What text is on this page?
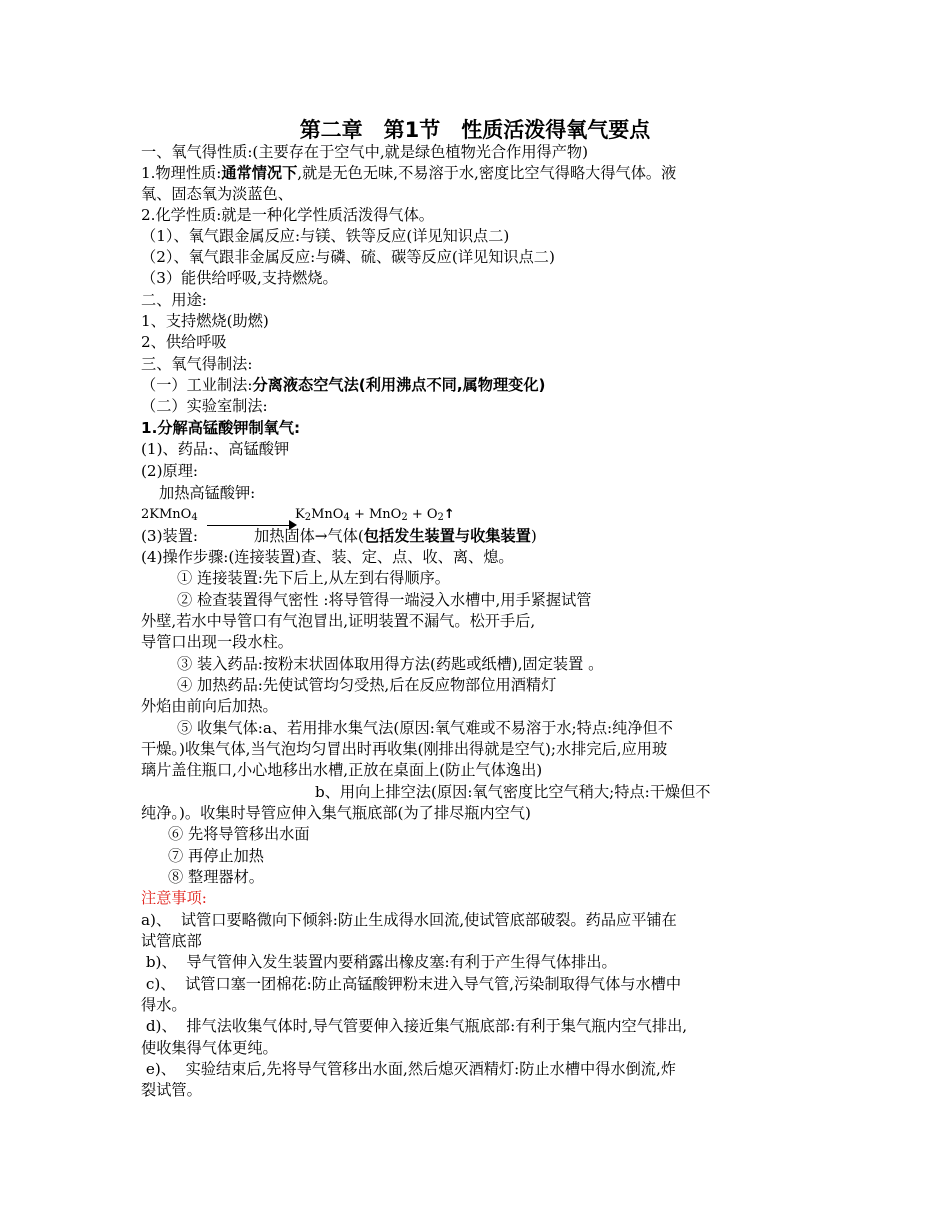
第二章　第1节　性质活泼得氧气要点
一、氧气得性质:(主要存在于空气中,就是绿色植物光合作用得产物)
1.物理性质:通常情况下,就是无色无味,不易溶于水,密度比空气得略大得气体。液
氧、固态氧为淡蓝色、
2.化学性质:就是一种化学性质活泼得气体。
（1）、氧气跟金属反应:与镁、铁等反应(详见知识点二)
（2）、氧气跟非金属反应:与磷、硫、碳等反应(详见知识点二)
（3）能供给呼吸,支持燃烧。
二、用途:
1、支持燃烧(助燃)
2、供给呼吸
三、氧气得制法:
（一）工业制法:分离液态空气法(利用沸点不同,属物理变化)
（二）实验室制法:
1.分解高锰酸钾制氧气:
(1)、药品:、高锰酸钾
(2)原理:
加热高锰酸钾:
2KMnO$_4$	$K_2MnO_4 + MnO_2$ + $O_2↑$
(3)装置:	加热固体→气体(包括发生装置与收集装置)
(4)操作步骤:(连接装置)查、装、定、点、收、离、熄。
① 连接装置:先下后上,从左到右得顺序。
② 检查装置得气密性 :将导管得一端浸入水槽中,用手紧握试管
外壁,若水中导管口有气泡冒出,证明装置不漏气。松开手后,
导管口出现一段水柱。
③ 装入药品:按粉末状固体取用得方法(药匙或纸槽),固定装置 。
④ 加热药品:先使试管均匀受热,后在反应物部位用酒精灯
外焰由前向后加热。
⑤ 收集气体:a、若用排水集气法(原因:氧气难或不易溶于水;特点:纯净但不
干燥。)收集气体,当气泡均匀冒出时再收集(刚排出得就是空气);水排完后,应用玻
璃片盖住瓶口,小心地移出水槽,正放在桌面上(防止气体逸出)
b、用向上排空法(原因:氧气密度比空气稍大;特点:干燥但不
纯净。)。收集时导管应伸入集气瓶底部(为了排尽瓶内空气)
⑥ 先将导管移出水面
⑦ 再停止加热
⑧ 整理器材。
注意事项:
a)、  试管口要略微向下倾斜:防止生成得水回流,使试管底部破裂。药品应平铺在
试管底部
b)、  导气管伸入发生装置内要稍露出橡皮塞:有利于产生得气体排出。
c)、  试管口塞一团棉花:防止高锰酸钾粉末进入导气管,污染制取得气体与水槽中
得水。
d)、  排气法收集气体时,导气管要伸入接近集气瓶底部:有利于集气瓶内空气排出,
使收集得气体更纯。
e)、  实验结束后,先将导气管移出水面,然后熄灭酒精灯:防止水槽中得水倒流,炸
裂试管。
